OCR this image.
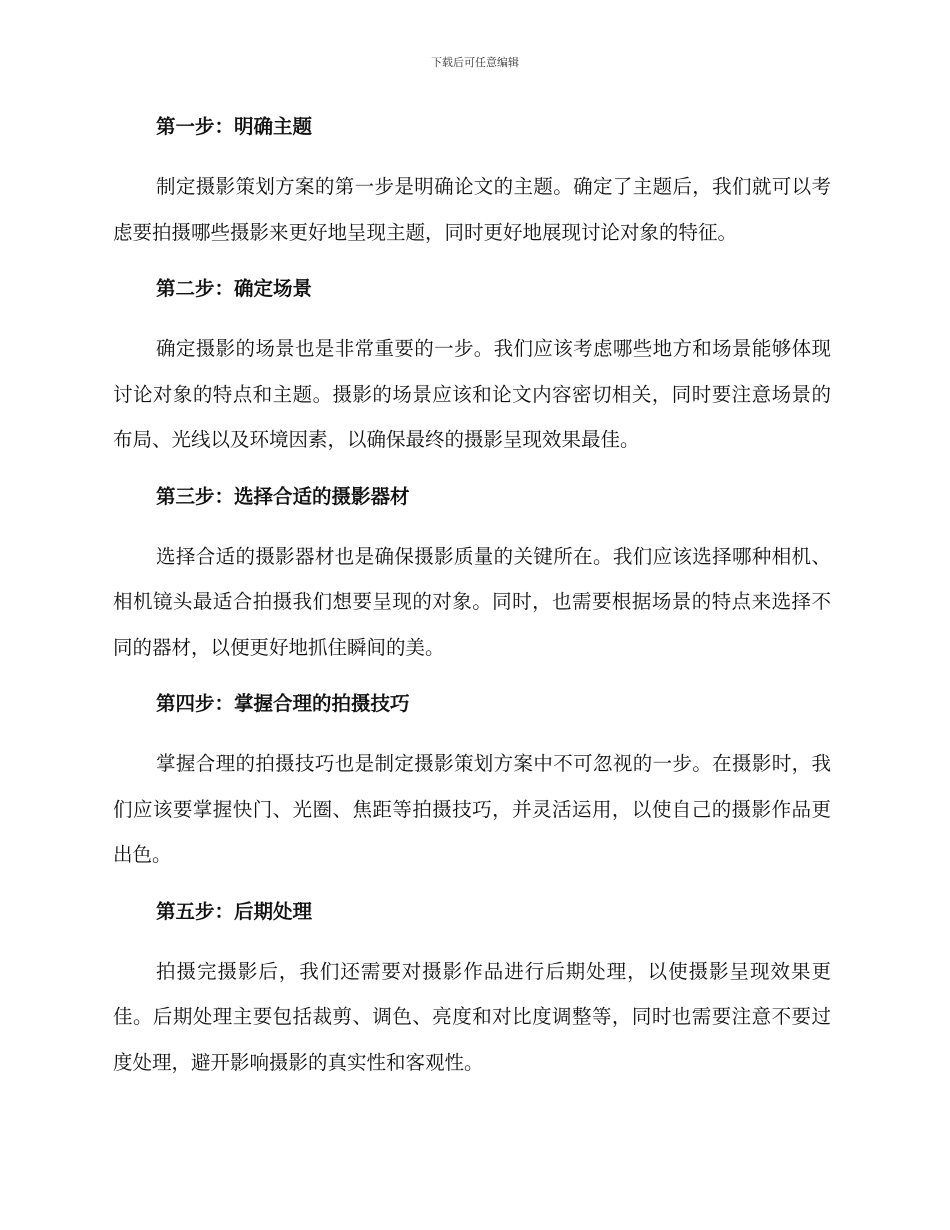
下载后可任意编辑

第一步：明确主题

制定摄影策划方案的第一步是明确论文的主题。确定了主题后，我们就可以考虑要拍摄哪些摄影来更好地呈现主题，同时更好地展现讨论对象的特征。

第二步：确定场景

确定摄影的场景也是非常重要的一步。我们应该考虑哪些地方和场景能够体现讨论对象的特点和主题。摄影的场景应该和论文内容密切相关，同时要注意场景的布局、光线以及环境因素，以确保最终的摄影呈现效果最佳。

第三步：选择合适的摄影器材

选择合适的摄影器材也是确保摄影质量的关键所在。我们应该选择哪种相机、相机镜头最适合拍摄我们想要呈现的对象。同时，也需要根据场景的特点来选择不同的器材，以便更好地抓住瞬间的美。

第四步：掌握合理的拍摄技巧

掌握合理的拍摄技巧也是制定摄影策划方案中不可忽视的一步。在摄影时，我们应该要掌握快门、光圈、焦距等拍摄技巧，并灵活运用，以使自己的摄影作品更出色。

第五步：后期处理

拍摄完摄影后，我们还需要对摄影作品进行后期处理，以使摄影呈现效果更佳。后期处理主要包括裁剪、调色、亮度和对比度调整等，同时也需要注意不要过度处理，避开影响摄影的真实性和客观性。
